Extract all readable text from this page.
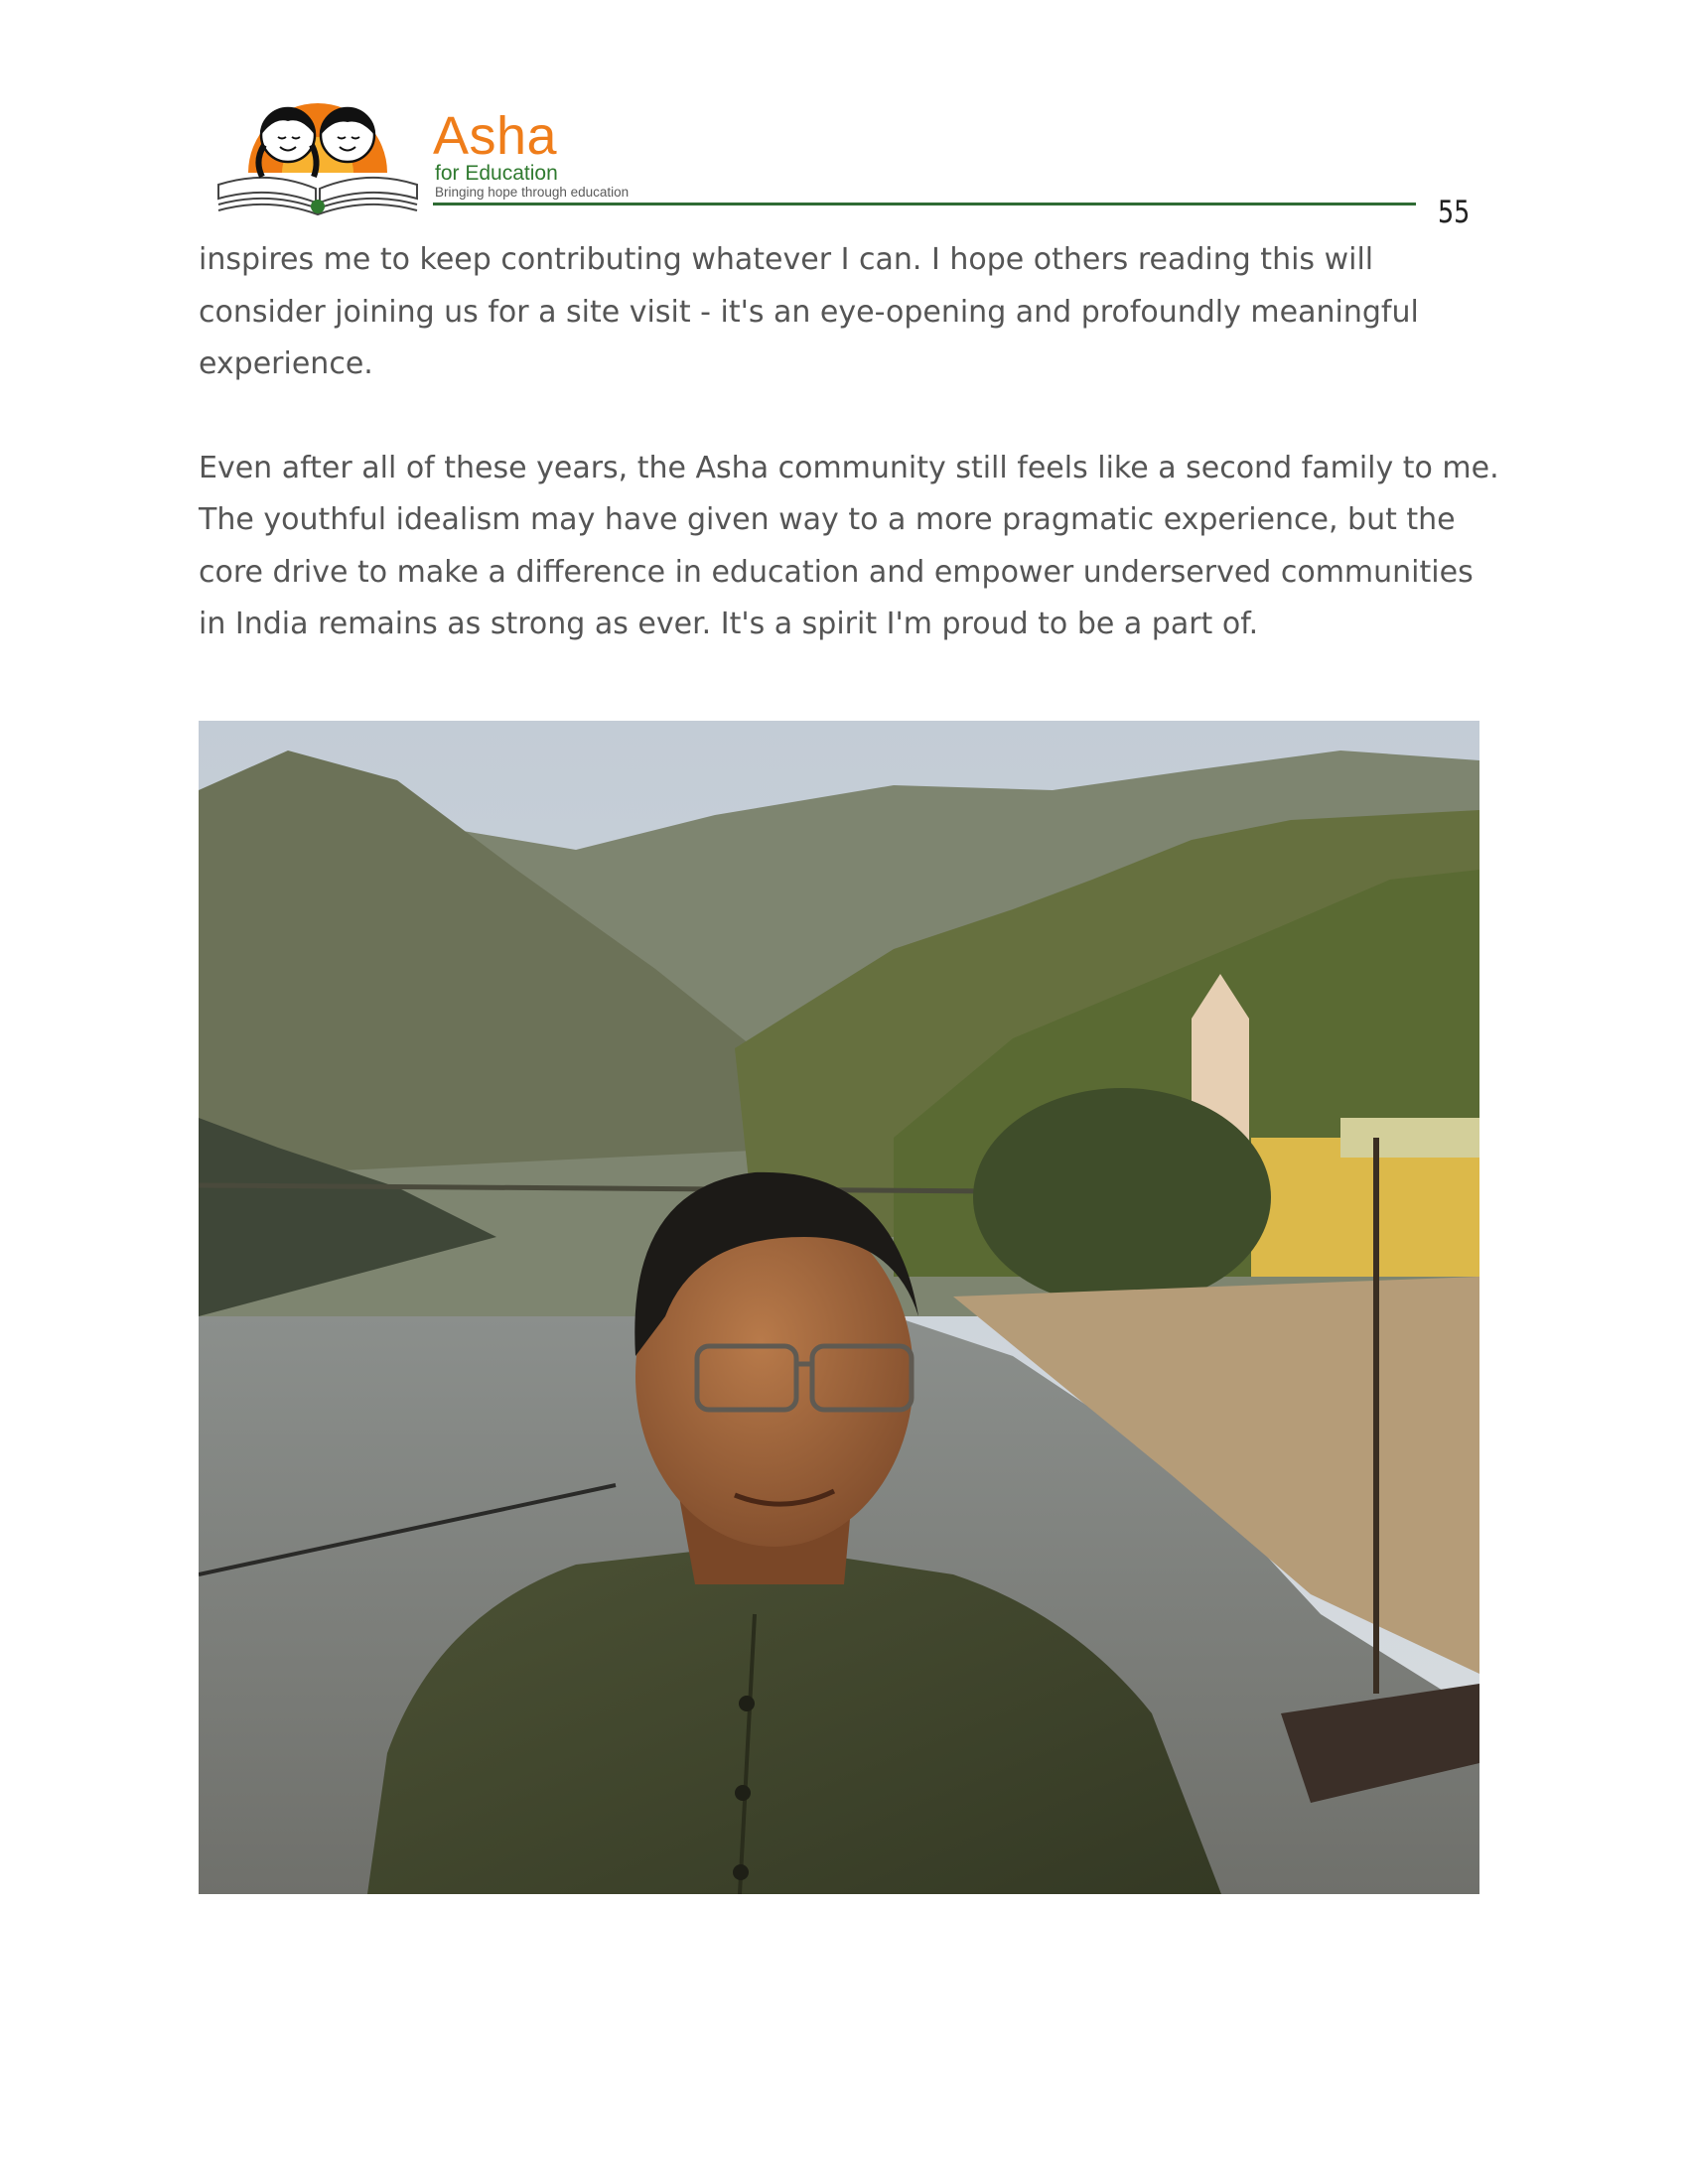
Asha
for Education
Bringing hope through education
55

inspires me to keep contributing whatever I can. I hope others reading this will consider joining us for a site visit - it's an eye-opening and profoundly meaningful experience.

Even after all of these years, the Asha community still feels like a second family to me. The youthful idealism may have given way to a more pragmatic experience, but the core drive to make a difference in education and empower underserved communities in India remains as strong as ever. It's a spirit I'm proud to be a part of.
